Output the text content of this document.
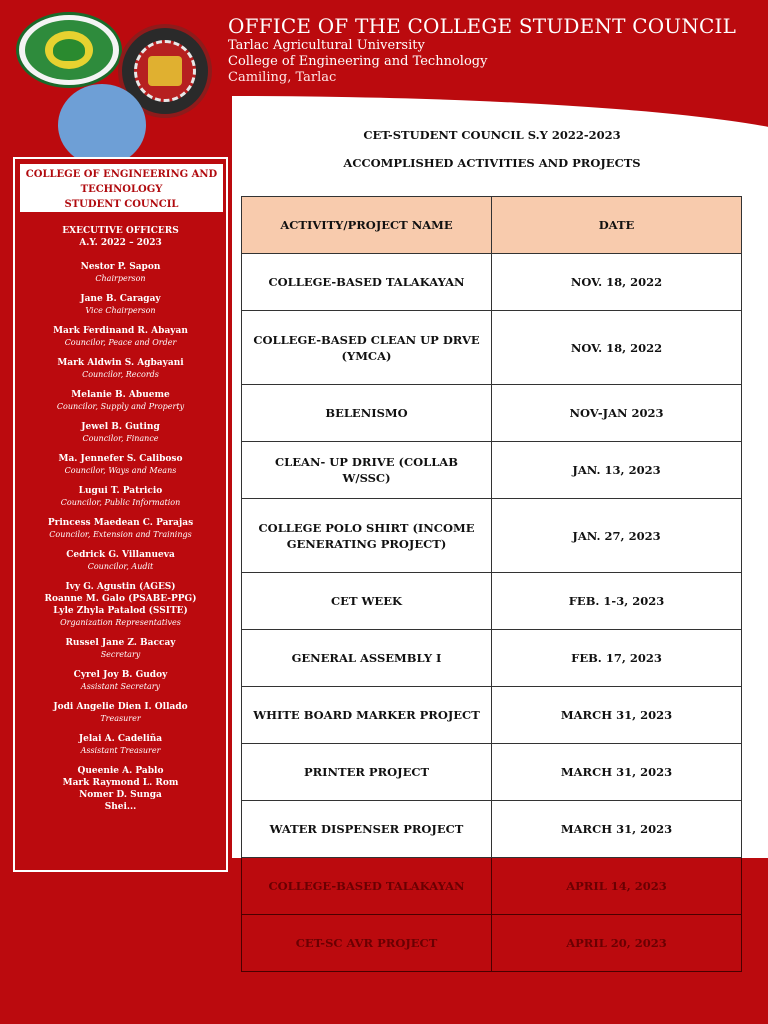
OFFICE OF THE COLLEGE STUDENT COUNCIL
Tarlac Agricultural University
College of Engineering and Technology
Camiling, Tarlac
COLLEGE OF ENGINEERING AND
TECHNOLOGY
STUDENT COUNCIL
EXECUTIVE OFFICERS
A.Y. 2022 – 2023
Nestor P. Sapon
Chairperson
Jane B. Caragay
Vice Chairperson
Mark Ferdinand R. Abayan
Councilor, Peace and Order
Mark Aldwin S. Agbayani
Councilor, Records
Melanie B. Abueme
Councilor, Supply and Property
Jewel B. Guting
Councilor, Finance
Ma. Jennefer S. Caliboso
Councilor, Ways and Means
Lugui T. Patricio
Councilor, Public Information
Princess Maedean C. Parajas
Councilor, Extension and Trainings
Cedrick G. Villanueva
Councilor, Audit
Ivy G. Agustin (AGES)
Roanne M. Galo (PSABE-PPG)
Lyle Zhyla Patalod (SSITE)
Organization Representatives
Russel Jane Z. Baccay
Secretary
Cyrel Joy B. Gudoy
Assistant Secretary
Jodi Angelie Dien I. Ollado
Treasurer
Jelai A. Cadeliña
Assistant Treasurer
Queenie A. Pablo
Mark Raymond L. Rom
Nomer D. Sunga
Shei...
CET-STUDENT COUNCIL S.Y 2022-2023
ACCOMPLISHED ACTIVITIES AND PROJECTS
ACTIVITY/PROJECT NAME	DATE
COLLEGE-BASED TALAKAYAN	NOV. 18, 2022
COLLEGE-BASED CLEAN UP DRVE (YMCA)	NOV. 18, 2022
BELENISMO	NOV-JAN 2023
CLEAN- UP DRIVE (COLLAB W/SSC)	JAN. 13, 2023
COLLEGE POLO SHIRT (INCOME GENERATING PROJECT)	JAN. 27, 2023
CET WEEK	FEB. 1-3, 2023
GENERAL ASSEMBLY I	FEB. 17, 2023
WHITE BOARD MARKER PROJECT	MARCH 31, 2023
PRINTER PROJECT	MARCH 31, 2023
WATER DISPENSER PROJECT	MARCH 31, 2023
COLLEGE-BASED TALAKAYAN	APRIL 14, 2023
CET-SC AVR PROJECT	APRIL 20, 2023
